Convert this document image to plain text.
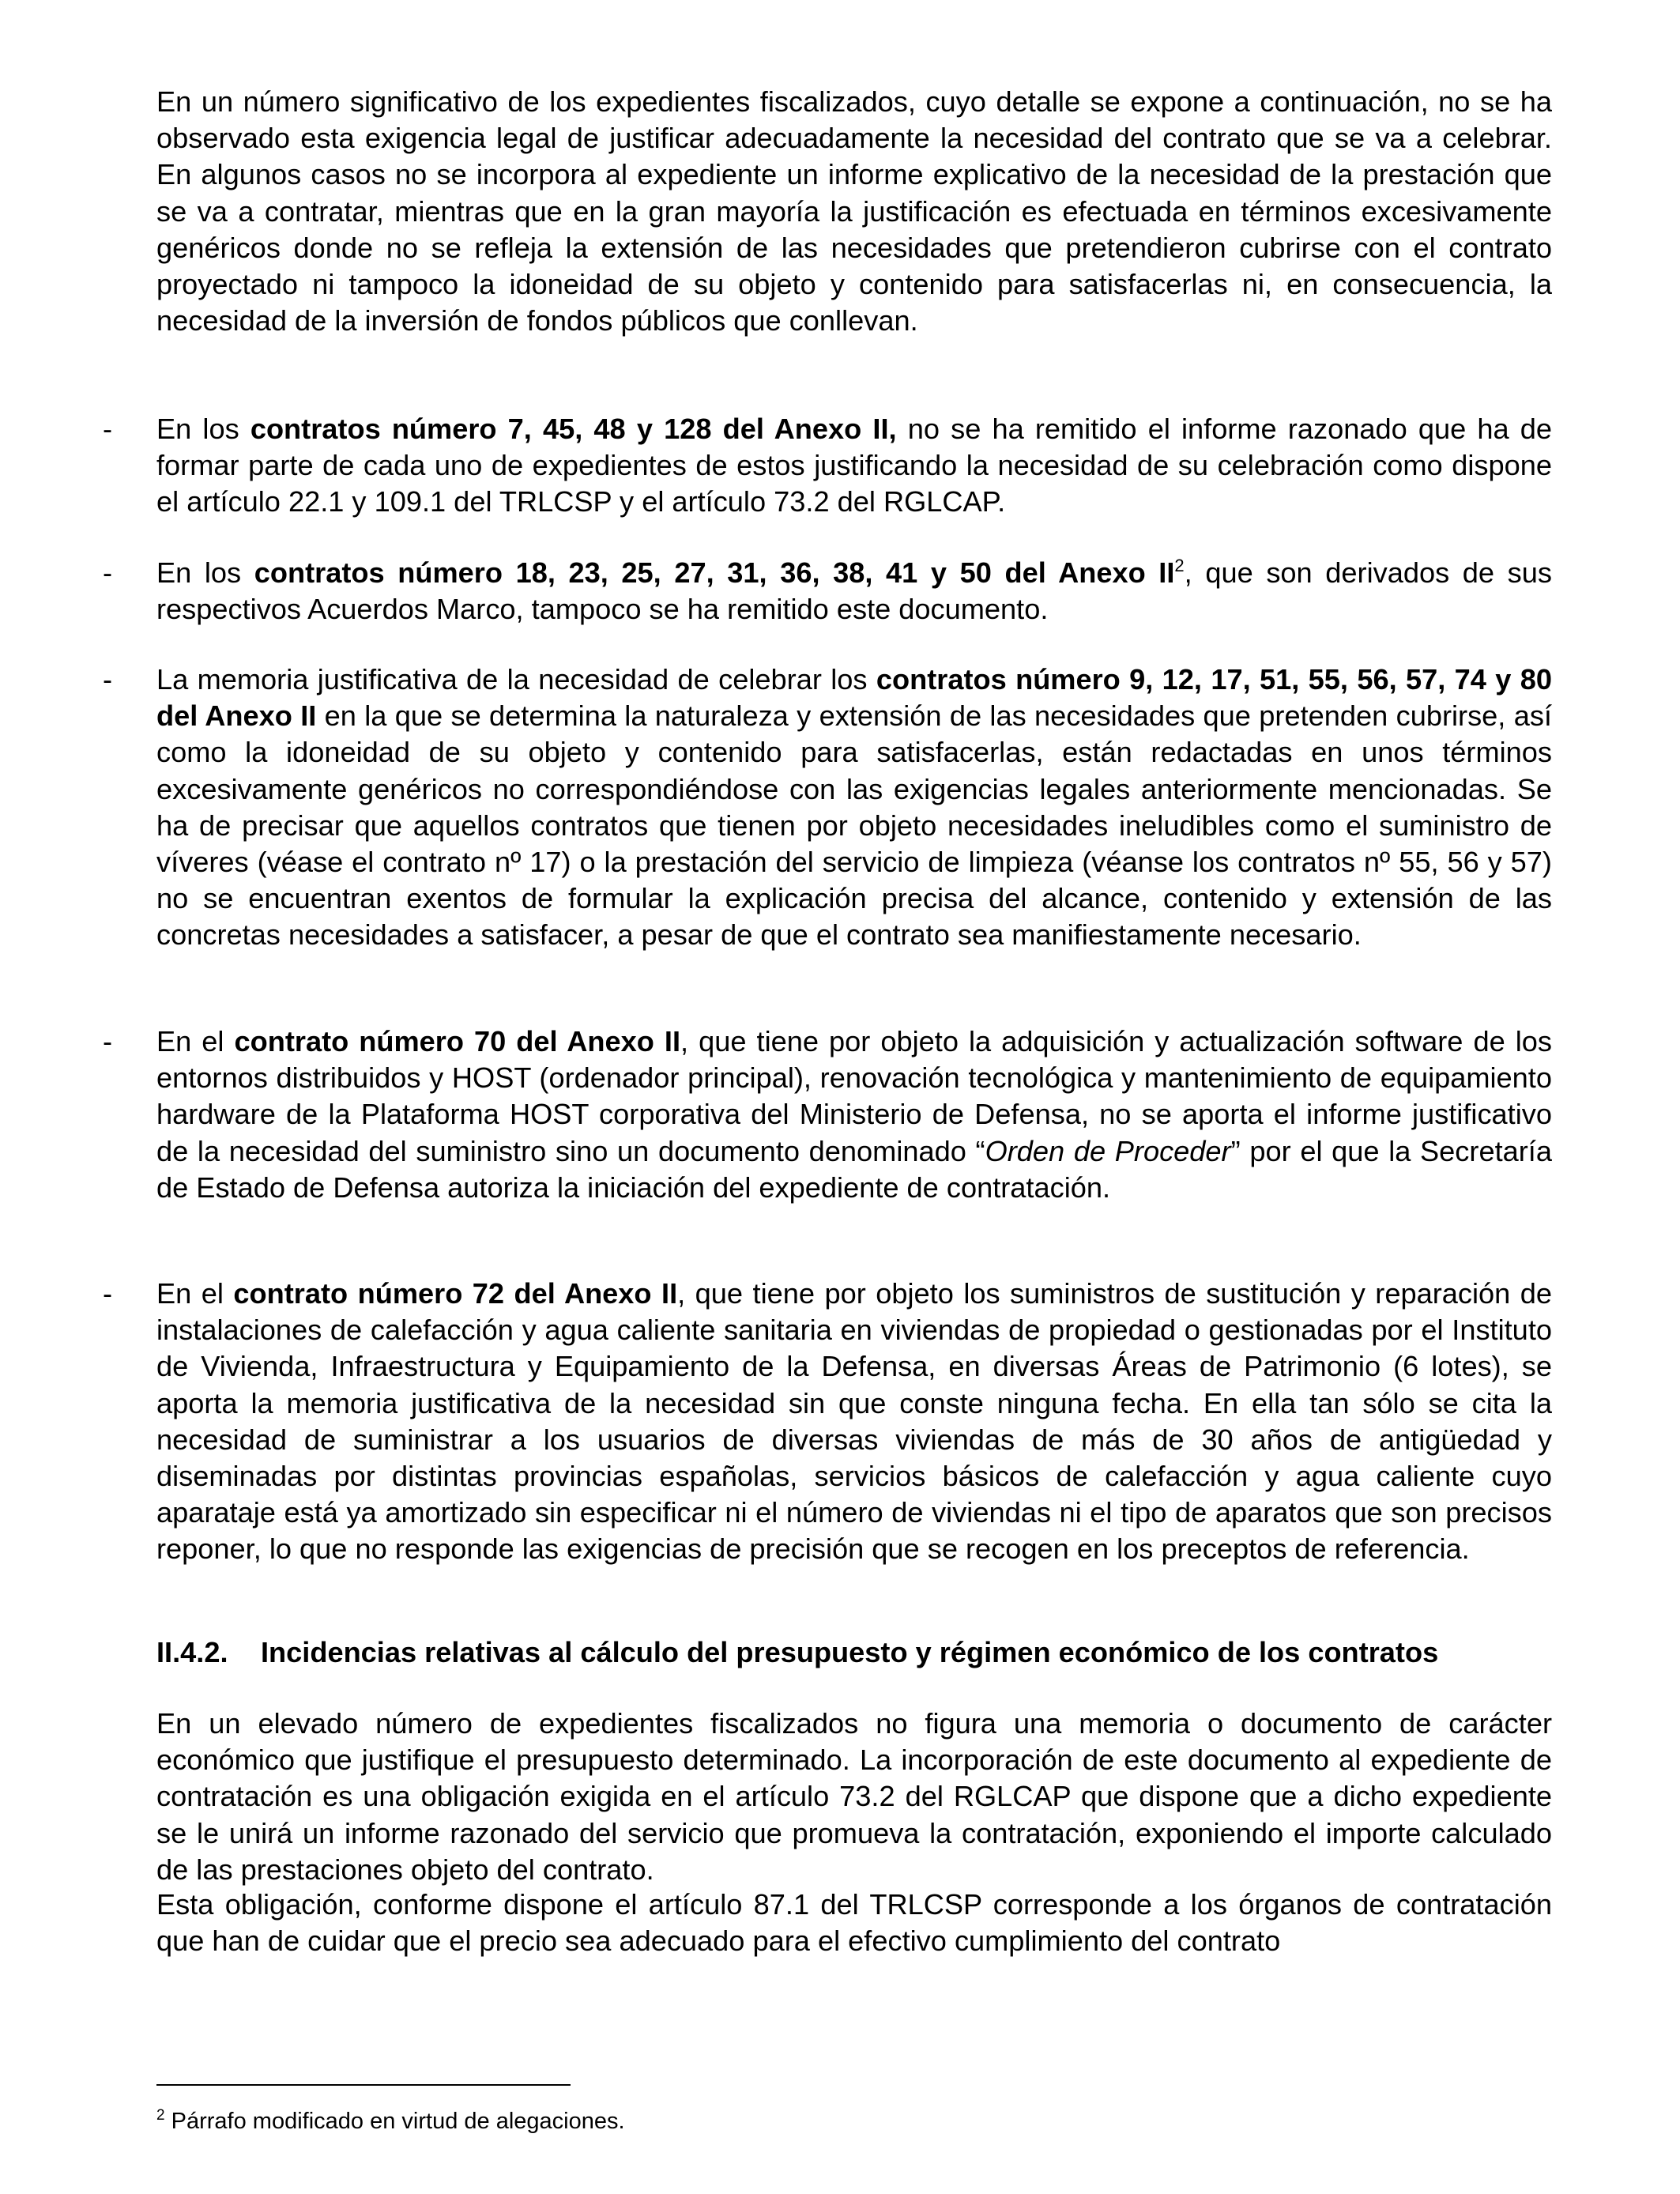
En un número significativo de los expedientes fiscalizados, cuyo detalle se expone a continuación, no se ha observado esta exigencia legal de justificar adecuadamente la necesidad del contrato que se va a celebrar. En algunos casos no se incorpora al expediente un informe explicativo de la necesidad de la prestación que se va a contratar, mientras que en la gran mayoría la justificación es efectuada en términos excesivamente genéricos donde no se refleja la extensión de las necesidades que pretendieron cubrirse con el contrato proyectado ni tampoco la idoneidad de su objeto y contenido para satisfacerlas ni, en consecuencia, la necesidad de la inversión de fondos públicos que conllevan.

-	En los contratos número 7, 45, 48 y 128 del Anexo II, no se ha remitido el informe razonado que ha de formar parte de cada uno de expedientes de estos justificando la necesidad de su celebración como dispone el artículo 22.1 y 109.1 del TRLCSP y el artículo 73.2 del RGLCAP.
-	En los contratos número 18, 23, 25, 27, 31, 36, 38, 41 y 50 del Anexo $II^2$, que son derivados de sus respectivos Acuerdos Marco, tampoco se ha remitido este documento.
-	La memoria justificativa de la necesidad de celebrar los contratos número 9, 12, 17, 51, 55, 56, 57, 74 y 80 del Anexo II en la que se determina la naturaleza y extensión de las necesidades que pretenden cubrirse, así como la idoneidad de su objeto y contenido para satisfacerlas, están redactadas en unos términos excesivamente genéricos no correspondiéndose con las exigencias legales anteriormente mencionadas. Se ha de precisar que aquellos contratos que tienen por objeto necesidades ineludibles como el suministro de víveres (véase el contrato nº 17) o la prestación del servicio de limpieza (véanse los contratos nº 55, 56 y 57) no se encuentran exentos de formular la explicación precisa del alcance, contenido y extensión de las concretas necesidades a satisfacer, a pesar de que el contrato sea manifiestamente necesario.
-	En el contrato número 70 del Anexo II, que tiene por objeto la adquisición y actualización software de los entornos distribuidos y HOST (ordenador principal), renovación tecnológica y mantenimiento de equipamiento hardware de la Plataforma HOST corporativa del Ministerio de Defensa, no se aporta el informe justificativo de la necesidad del suministro sino un documento denominado “Orden de Proceder” por el que la Secretaría de Estado de Defensa autoriza la iniciación del expediente de contratación.
-	En el contrato número 72 del Anexo II, que tiene por objeto los suministros de sustitución y reparación de instalaciones de calefacción y agua caliente sanitaria en viviendas de propiedad o gestionadas por el Instituto de Vivienda, Infraestructura y Equipamiento de la Defensa, en diversas Áreas de Patrimonio (6 lotes), se aporta la memoria justificativa de la necesidad sin que conste ninguna fecha. En ella tan sólo se cita la necesidad de suministrar a los usuarios de diversas viviendas de más de 30 años de antigüedad y diseminadas por distintas provincias españolas, servicios básicos de calefacción y agua caliente cuyo aparataje está ya amortizado sin especificar ni el número de viviendas ni el tipo de aparatos que son precisos reponer, lo que no responde las exigencias de precisión que se recogen en los preceptos de referencia.
II.4.2. Incidencias relativas al cálculo del presupuesto y régimen económico de los contratos

En un elevado número de expedientes fiscalizados no figura una memoria o documento de carácter económico que justifique el presupuesto determinado. La incorporación de este documento al expediente de contratación es una obligación exigida en el artículo 73.2 del RGLCAP que dispone que a dicho expediente se le unirá un informe razonado del servicio que promueva la contratación, exponiendo el importe calculado de las prestaciones objeto del contrato.

Esta obligación, conforme dispone el artículo 87.1 del TRLCSP corresponde a los órganos de contratación que han de cuidar que el precio sea adecuado para el efectivo cumplimiento del contrato

$^2$ Párrafo modificado en virtud de alegaciones.
